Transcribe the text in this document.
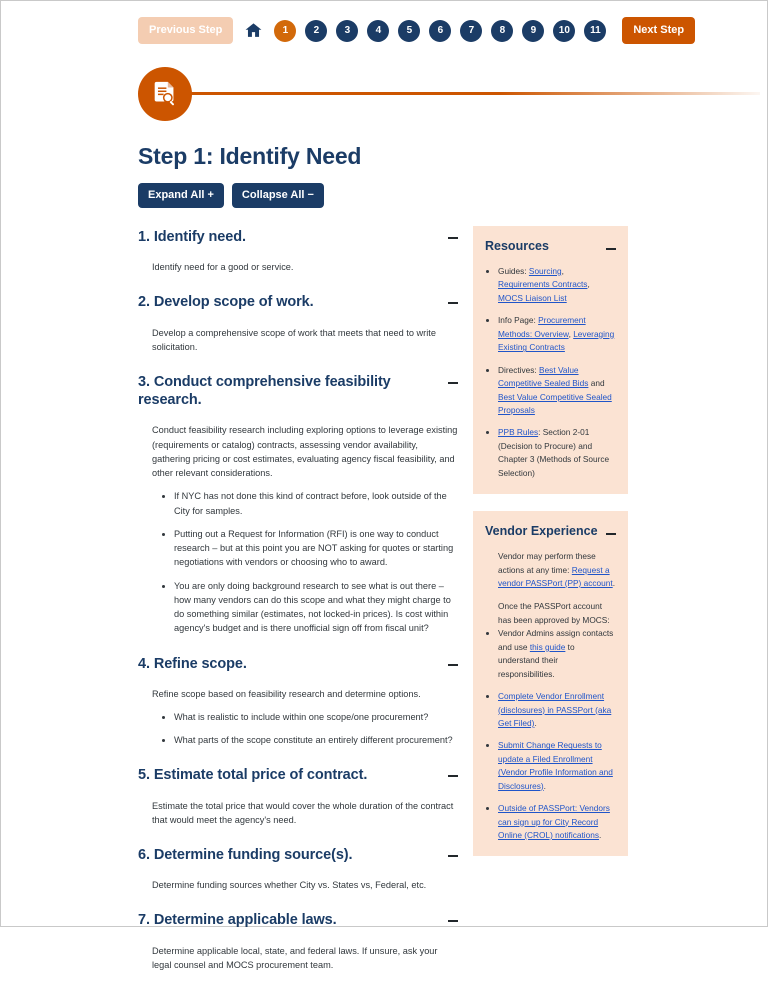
Previous Step	1	2	3	4	5	6	7	8	9	10	11	Next Step
Step 1: Identify Need
Expand All +	Collapse All −
1. Identify need.

Identify need for a good or service.

2. Develop scope of work.

Develop a comprehensive scope of work that meets that need to write solicitation.

3. Conduct comprehensive feasibility research.

Conduct feasibility research including exploring options to leverage existing (requirements or catalog) contracts, assessing vendor availability, gathering pricing or cost estimates, evaluating agency fiscal feasibility, and other relevant considerations.

• If NYC has not done this kind of contract before, look outside of the City for samples.
• Putting out a Request for Information (RFI) is one way to conduct research – but at this point you are NOT asking for quotes or starting negotiations with vendors or choosing who to award.
• You are only doing background research to see what is out there – how many vendors can do this scope and what they might charge to do something similar (estimates, not locked-in prices). Is cost within agency's budget and is there unofficial sign off from fiscal unit?
4. Refine scope.

Refine scope based on feasibility research and determine options.

• What is realistic to include within one scope/one procurement?
• What parts of the scope constitute an entirely different procurement?
5. Estimate total price of contract.

Estimate the total price that would cover the whole duration of the contract that would meet the agency's need.

6. Determine funding source(s).

Determine funding sources whether City vs. States vs, Federal, etc.

7. Determine applicable laws.

Determine applicable local, state, and federal laws. If unsure, ask your legal counsel and MOCS procurement team.

Resources
• Guides: Sourcing, Requirements Contracts, MOCS Liaison List
• Info Page: Procurement Methods: Overview, Leveraging Existing Contracts
• Directives: Best Value Competitive Sealed Bids and Best Value Competitive Sealed Proposals
• PPB Rules: Section 2-01 (Decision to Procure) and Chapter 3 (Methods of Source Selection)
Vendor Experience

Vendor may perform these actions at any time: Request a vendor PASSPort (PP) account.

Once the PASSPort account has been approved by MOCS:

• Vendor Admins assign contacts and use this guide to understand their responsibilities.
• Complete Vendor Enrollment (disclosures) in PASSPort (aka Get Filed).
• Submit Change Requests to update a Filed Enrollment (Vendor Profile Information and Disclosures).
• Outside of PASSPort: Vendors can sign up for City Record Online (CROL) notifications.
